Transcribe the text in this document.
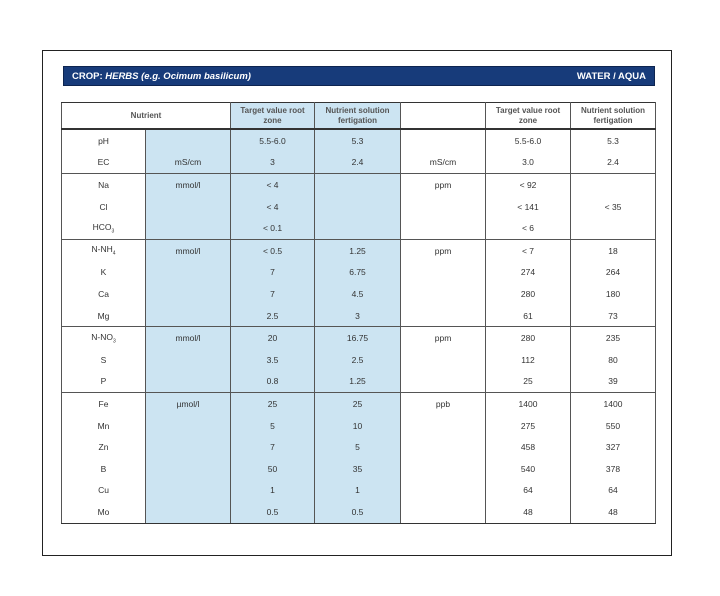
CROP: HERBS (e.g. Ocimum basilicum)	WATER / AQUA
Nutrient		Target value root zone	Nutrient solution fertigation		Target value root zone	Nutrient solution fertigation
pH		5.5-6.0	5.3		5.5-6.0	5.3
EC	mS/cm	3	2.4	mS/cm	3.0	2.4
Na	mmol/l	< 4		ppm	< 92	
Cl		< 4			< 141	< 35
$HCO_3$		< 0.1			< 6	
$N-NH_4$	mmol/l	< 0.5	1.25	ppm	< 7	18
K		7	6.75		274	264
Ca		7	4.5		280	180
Mg		2.5	3		61	73
$N-NO_3$	mmol/l	20	16.75	ppm	280	235
S		3.5	2.5		112	80
P		0.8	1.25		25	39
Fe	µmol/l	25	25	ppb	1400	1400
Mn		5	10		275	550
Zn		7	5		458	327
B		50	35		540	378
Cu		1	1		64	64
Mo		0.5	0.5		48	48
